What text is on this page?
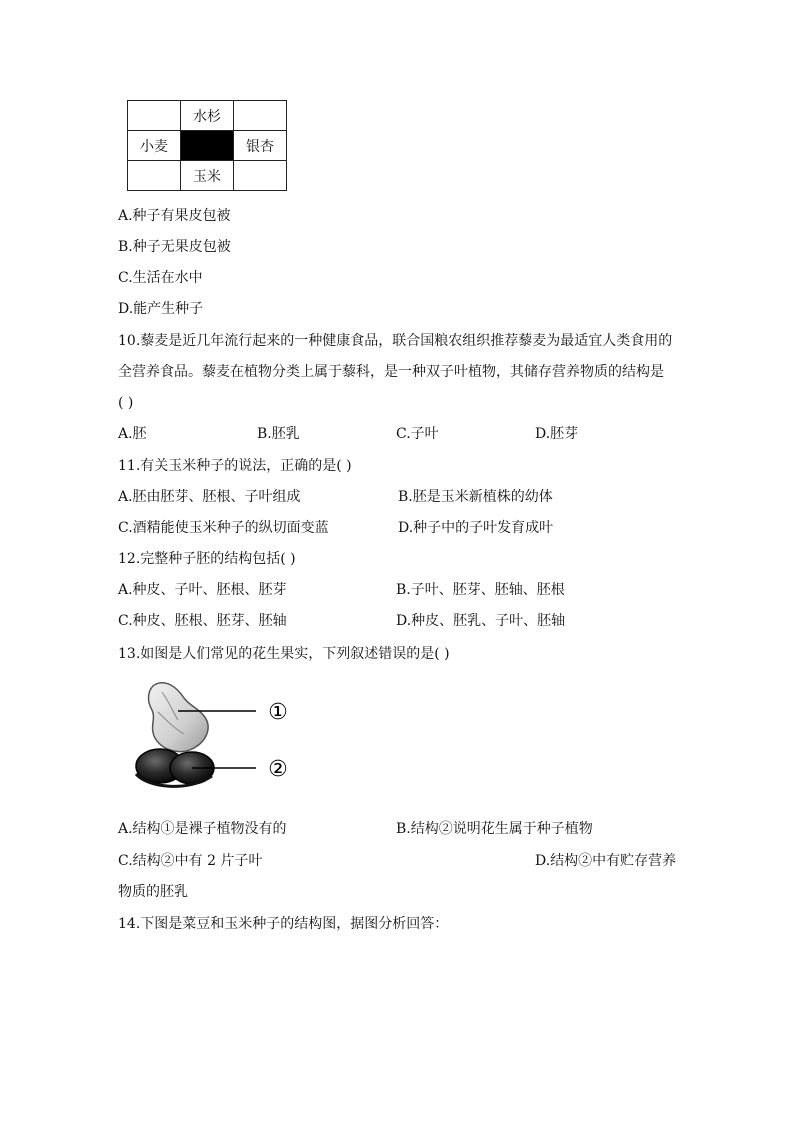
	水杉	
小麦		银杏
	玉米	
A.种子有果皮包被
B.种子无果皮包被
C.生活在水中
D.能产生种子
10.藜麦是近几年流行起来的一种健康食品，联合国粮农组织推荐藜麦为最适宜人类食用的
全营养食品。藜麦在植物分类上属于藜科，是一种双子叶植物，其储存营养物质的结构是
( )
A.胚	B.胚乳	C.子叶	D.胚芽
11.有关玉米种子的说法，正确的是( )
A.胚由胚芽、胚根、子叶组成	B.胚是玉米新植株的幼体
C.酒精能使玉米种子的纵切面变蓝	D.种子中的子叶发育成叶
12.完整种子胚的结构包括( )
A.种皮、子叶、胚根、胚芽	B.子叶、胚芽、胚轴、胚根
C.种皮、胚根、胚芽、胚轴	D.种皮、胚乳、子叶、胚轴
13.如图是人们常见的花生果实，下列叙述错误的是( )
①
②
A.结构①是裸子植物没有的	B.结构②说明花生属于种子植物
C.结构②中有 2 片子叶	D.结构②中有贮存营养
物质的胚乳
14.下图是菜豆和玉米种子的结构图，据图分析回答：
